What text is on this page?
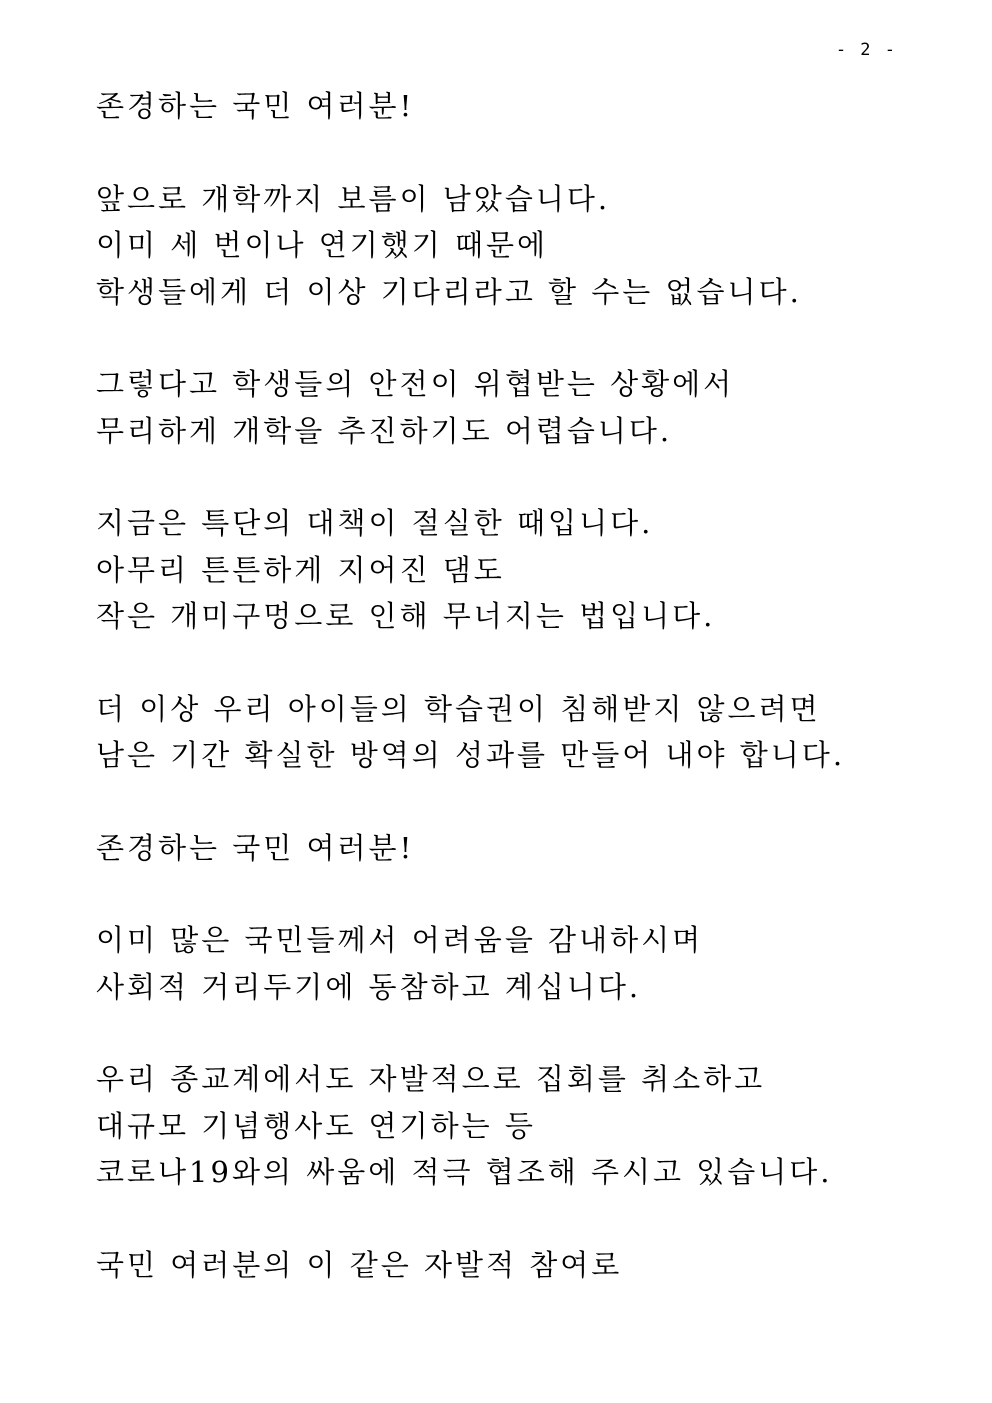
- 2 -
존경하는 국민 여러분!
앞으로 개학까지 보름이 남았습니다.
이미 세 번이나 연기했기 때문에
학생들에게 더 이상 기다리라고 할 수는 없습니다.
그렇다고 학생들의 안전이 위협받는 상황에서
무리하게 개학을 추진하기도 어렵습니다.
지금은 특단의 대책이 절실한 때입니다.
아무리 튼튼하게 지어진 댐도
작은 개미구멍으로 인해 무너지는 법입니다.
더 이상 우리 아이들의 학습권이 침해받지 않으려면
남은 기간 확실한 방역의 성과를 만들어 내야 합니다.
존경하는 국민 여러분!
이미 많은 국민들께서 어려움을 감내하시며
사회적 거리두기에 동참하고 계십니다.
우리 종교계에서도 자발적으로 집회를 취소하고
대규모 기념행사도 연기하는 등
코로나19와의 싸움에 적극 협조해 주시고 있습니다.
국민 여러분의 이 같은 자발적 참여로
